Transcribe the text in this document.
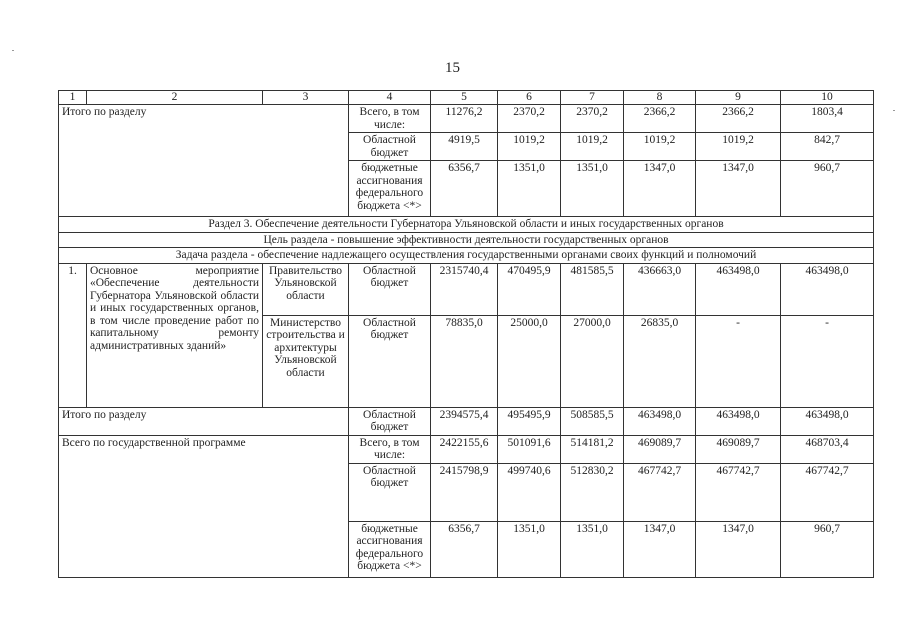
15
1	2	3	4	5	6	7	8	9	10
Итого по разделу			Всего, в том числе:	11276,2	2370,2	2370,2	2366,2	2366,2	1803,4
			Областной бюджет	4919,5	1019,2	1019,2	1019,2	1019,2	842,7
			бюджетные ассигнования федерального бюджета <*>	6356,7	1351,0	1351,0	1347,0	1347,0	960,7
Раздел 3. Обеспечение деятельности Губернатора Ульяновской области и иных государственных органов									
Цель раздела - повышение эффективности деятельности государственных органов									
Задача раздела - обеспечение надлежащего осуществления государственными органами своих функций и полномочий									
1.	Основное мероприятие «Обеспечение деятельности Губернатора Ульяновской области и иных государственных органов, в том числе проведение работ по капитальному ремонту административных зданий»	Правительство Ульяновской области	Областной бюджет	2315740,4	470495,9	481585,5	436663,0	463498,0	463498,0
		Министерство строительства и архитектуры Ульяновской области	Областной бюджет	78835,0	25000,0	27000,0	26835,0	-	-
Итого по разделу			Областной бюджет	2394575,4	495495,9	508585,5	463498,0	463498,0	463498,0
Всего по государственной программе			Всего, в том числе:	2422155,6	501091,6	514181,2	469089,7	469089,7	468703,4
			Областной бюджет	2415798,9	499740,6	512830,2	467742,7	467742,7	467742,7
			бюджетные ассигнования федерального бюджета <*>	6356,7	1351,0	1351,0	1347,0	1347,0	960,7
